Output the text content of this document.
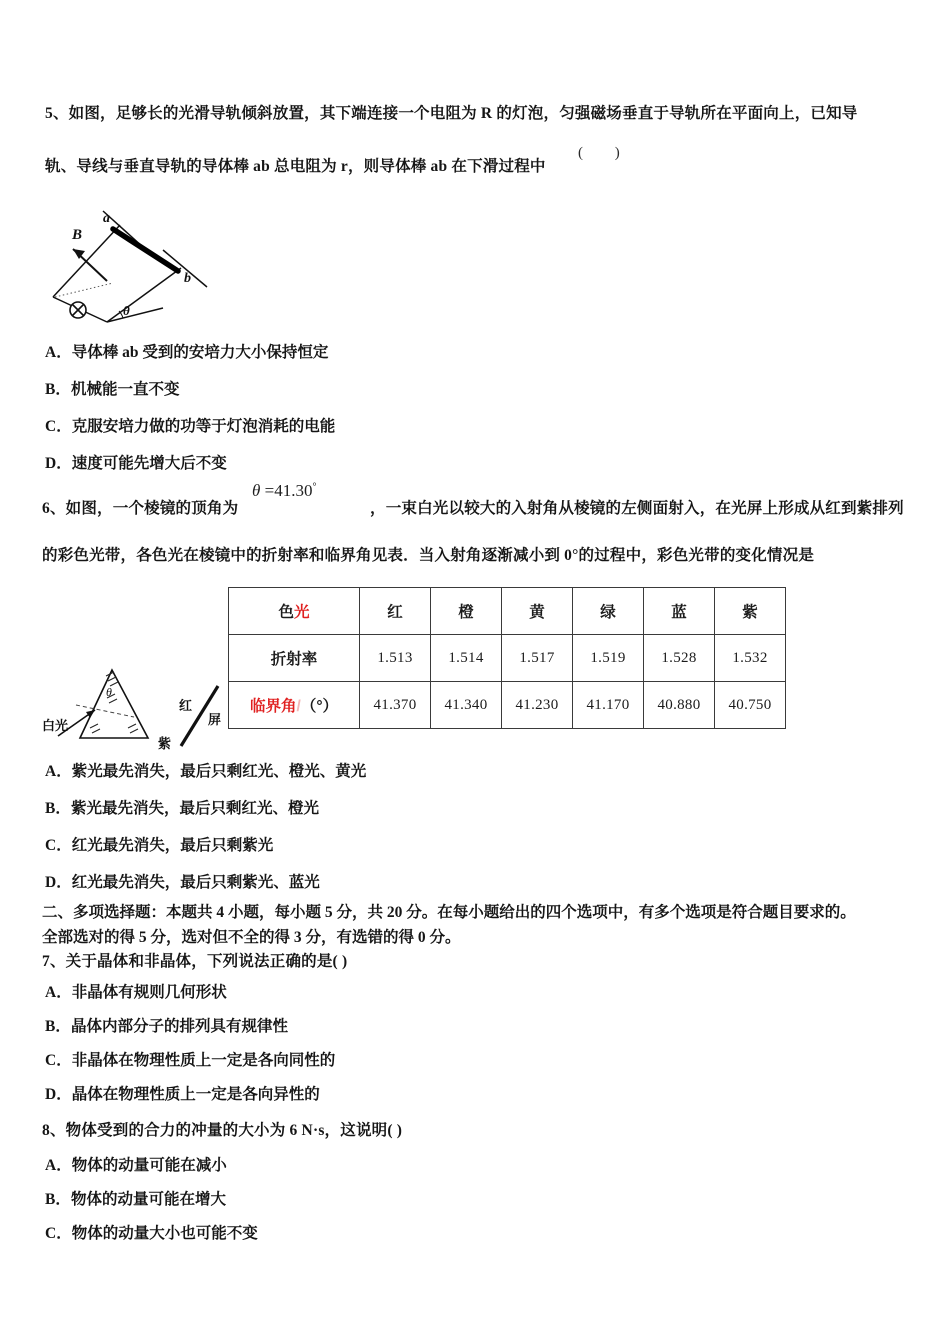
5、如图，足够长的光滑导轨倾斜放置，其下端连接一个电阻为 R 的灯泡，匀强磁场垂直于导轨所在平面向上，已知导
轨、导线与垂直导轨的导体棒 ab 总电阻为 r，则导体棒 ab 在下滑过程中
( )
a
b
B
θ
A．导体棒 ab 受到的安培力大小保持恒定
B．机械能一直不变
C．克服安培力做的功等于灯泡消耗的电能
D．速度可能先增大后不变
6、如图，一个棱镜的顶角为
θ =41.30°
，一束白光以较大的入射角从棱镜的左侧面射入，在光屏上形成从红到紫排列
的彩色光带，各色光在棱镜中的折射率和临界角见表．当入射角逐渐减小到 0°的过程中，彩色光带的变化情况是
θ
白光
红
紫
屏
色光	红	橙	黄	绿	蓝	紫
折射率	1.513	1.514	1.517	1.519	1.528	1.532
临界角/（°）	41.370	41.340	41.230	41.170	40.880	40.750
A．紫光最先消失，最后只剩红光、橙光、黄光
B．紫光最先消失，最后只剩红光、橙光
C．红光最先消失，最后只剩紫光
D．红光最先消失，最后只剩紫光、蓝光
二、多项选择题：本题共 4 小题，每小题 5 分，共 20 分。在每小题给出的四个选项中，有多个选项是符合题目要求的。
全部选对的得 5 分，选对但不全的得 3 分，有选错的得 0 分。
7、关于晶体和非晶体，下列说法正确的是( )
A．非晶体有规则几何形状
B．晶体内部分子的排列具有规律性
C．非晶体在物理性质上一定是各向同性的
D．晶体在物理性质上一定是各向异性的
8、物体受到的合力的冲量的大小为 6 N·s，这说明( )
A．物体的动量可能在减小
B．物体的动量可能在增大
C．物体的动量大小也可能不变
